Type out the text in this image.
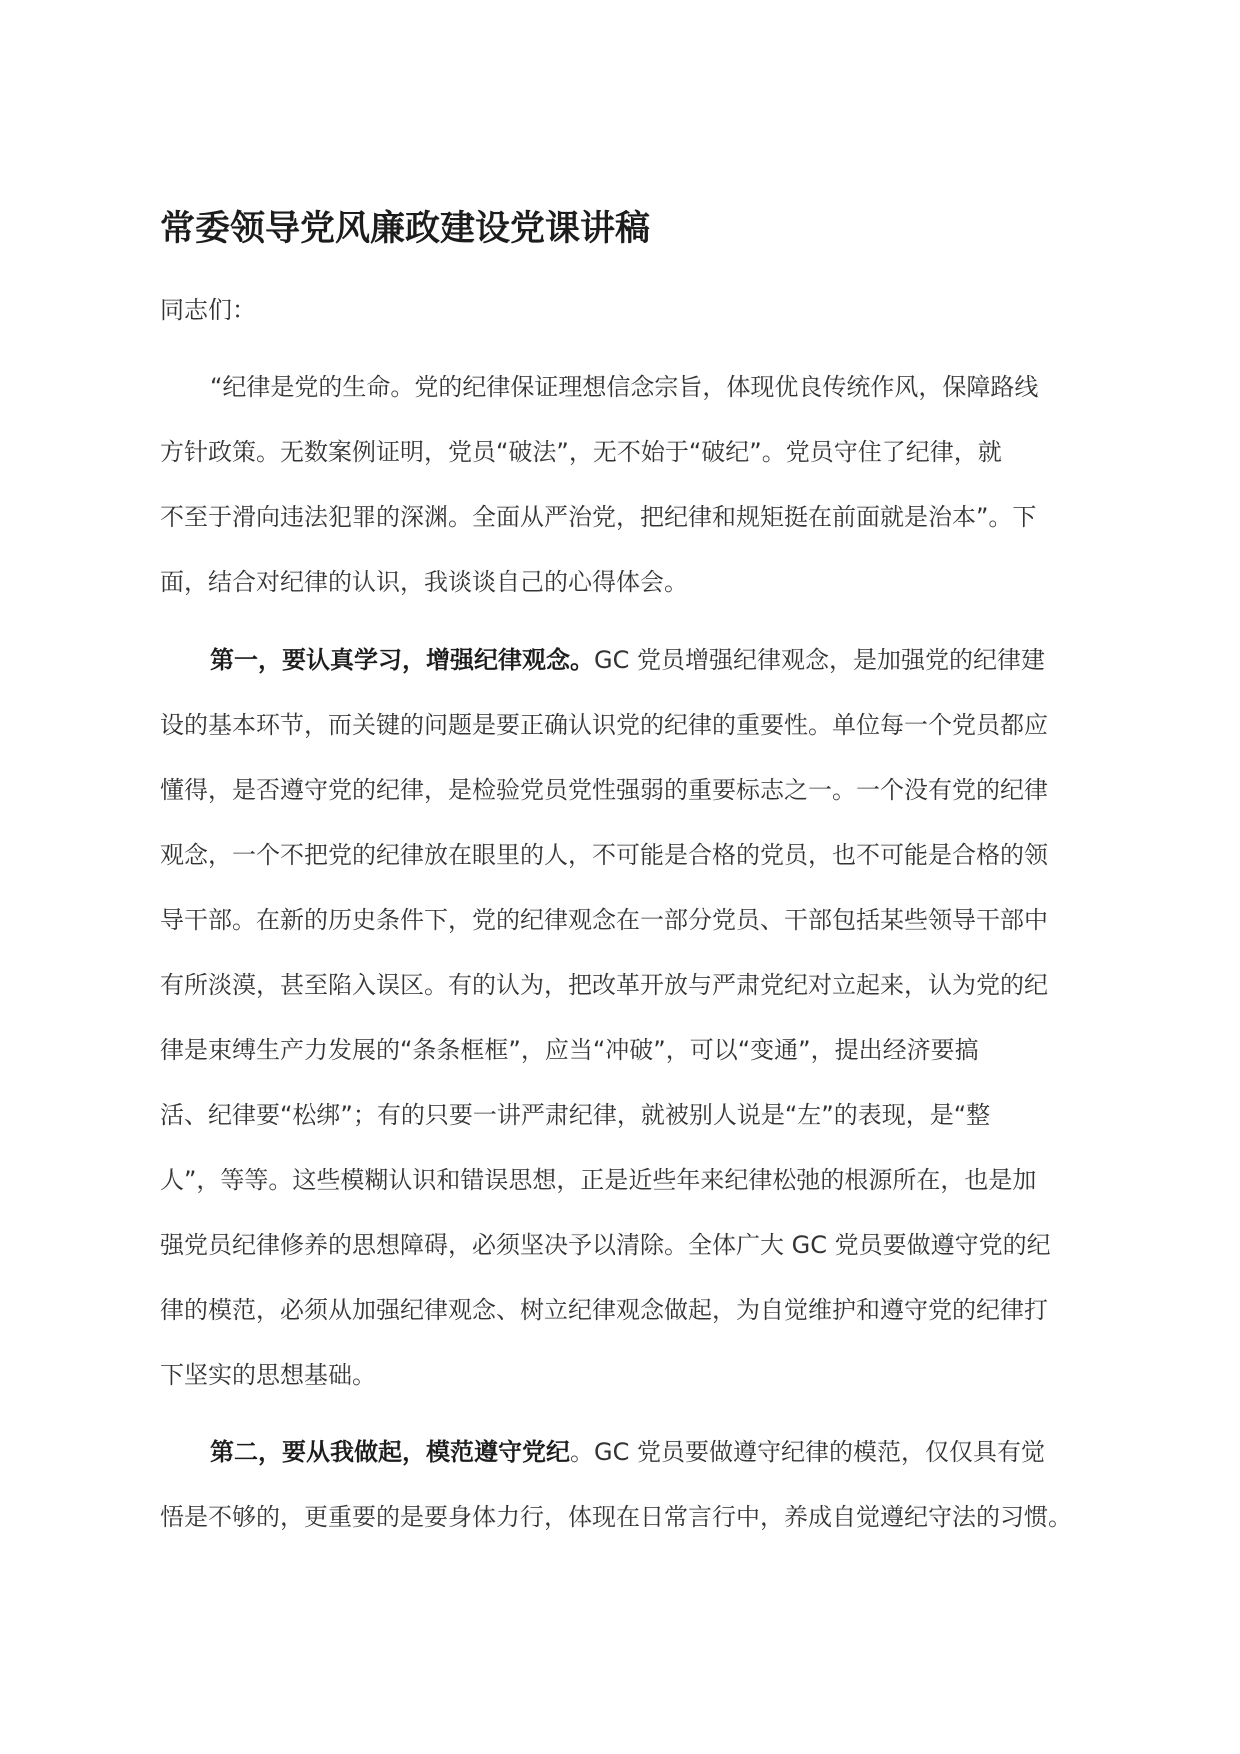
常委领导党风廉政建设党课讲稿

同志们：

“纪律是党的生命。党的纪律保证理想信念宗旨，体现优良传统作风，保障路线
方针政策。无数案例证明，党员“破法”，无不始于“破纪”。党员守住了纪律，就
不至于滑向违法犯罪的深渊。全面从严治党，把纪律和规矩挺在前面就是治本”。下
面，结合对纪律的认识，我谈谈自己的心得体会。
第一，要认真学习，增强纪律观念。GC 党员增强纪律观念，是加强党的纪律建
设的基本环节，而关键的问题是要正确认识党的纪律的重要性。单位每一个党员都应
懂得，是否遵守党的纪律，是检验党员党性强弱的重要标志之一。一个没有党的纪律
观念，一个不把党的纪律放在眼里的人，不可能是合格的党员，也不可能是合格的领
导干部。在新的历史条件下，党的纪律观念在一部分党员、干部包括某些领导干部中
有所淡漠，甚至陷入误区。有的认为，把改革开放与严肃党纪对立起来，认为党的纪
律是束缚生产力发展的“条条框框”，应当“冲破”，可以“变通”，提出经济要搞
活、纪律要“松绑”；有的只要一讲严肃纪律，就被别人说是“左”的表现，是“整
人”，等等。这些模糊认识和错误思想，正是近些年来纪律松弛的根源所在，也是加
强党员纪律修养的思想障碍，必须坚决予以清除。全体广大 GC 党员要做遵守党的纪
律的模范，必须从加强纪律观念、树立纪律观念做起，为自觉维护和遵守党的纪律打
下坚实的思想基础。
第二，要从我做起，模范遵守党纪。GC 党员要做遵守纪律的模范，仅仅具有觉
悟是不够的，更重要的是要身体力行，体现在日常言行中，养成自觉遵纪守法的习惯。
